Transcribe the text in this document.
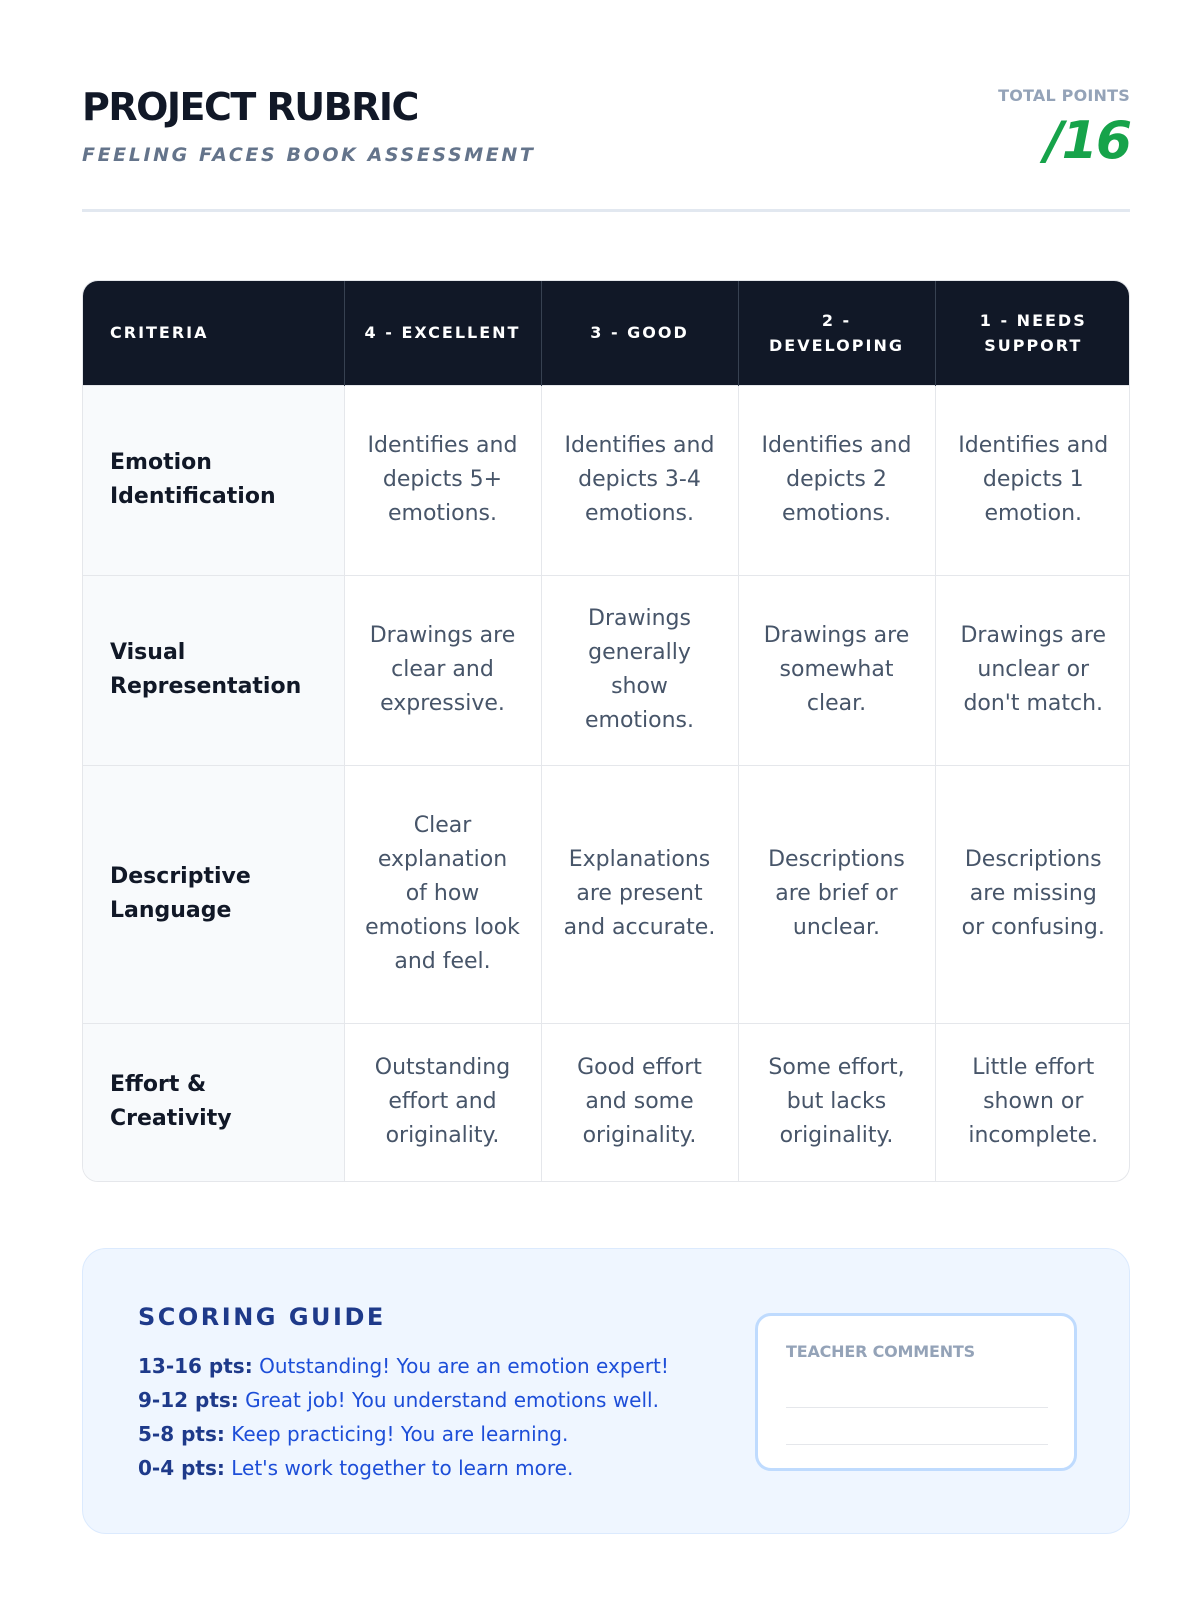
PROJECT RUBRIC
FEELING FACES BOOK ASSESSMENT
TOTAL POINTS
/16
CRITERIA	4 - EXCELLENT	3 - GOOD	2 - DEVELOPING	1 - NEEDS SUPPORT
Emotion Identification	Identifies and depicts 5+ emotions.	Identifies and depicts 3-4 emotions.	Identifies and depicts 2 emotions.	Identifies and depicts 1 emotion.
Visual Representation	Drawings are clear and expressive.	Drawings generally show emotions.	Drawings are somewhat clear.	Drawings are unclear or don't match.
Descriptive Language	Clear explanation of how emotions look and feel.	Explanations are present and accurate.	Descriptions are brief or unclear.	Descriptions are missing or confusing.
Effort & Creativity	Outstanding effort and originality.	Good effort and some originality.	Some effort, but lacks originality.	Little effort shown or incomplete.
SCORING GUIDE
13-16 pts: Outstanding! You are an emotion expert!
9-12 pts: Great job! You understand emotions well.
5-8 pts: Keep practicing! You are learning.
0-4 pts: Let's work together to learn more.
TEACHER COMMENTS
